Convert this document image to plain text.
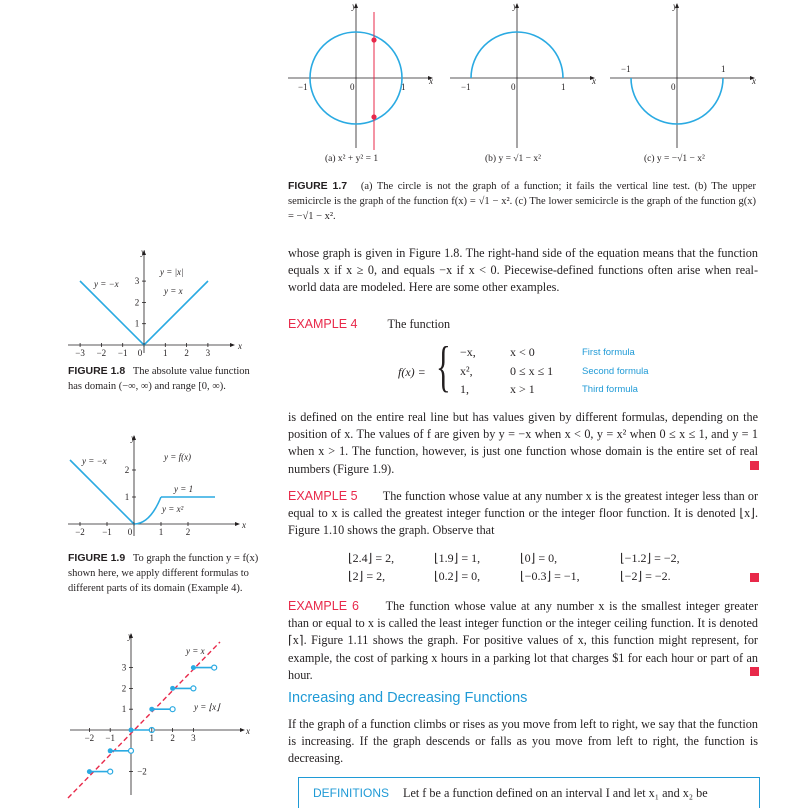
x
y
−1	0	1
x
y
−1	0	1
x
y
−1
0
1
(a) x² + y² = 1	(b) y = √1 − x²	(c) y = −√1 − x²
FIGURE 1.7 (a) The circle is not the graph of a function; it fails the vertical line test. (b) The upper semicircle is the graph of the function f(x) = √1 − x². (c) The lower semicircle is the graph of the function g(x) = −√1 − x².
−3 −2 −1 0 1 2 3
1
2
3
x
y
y = −x
y = |x|
y = x
FIGURE 1.8 The absolute value function has domain (−∞, ∞) and range [0, ∞).
−2 −1 0	1	2
1
2
x
y
y = −x	y = f(x)
y = 1
y = x²
FIGURE 1.9 To graph the function y = f(x) shown here, we apply different formulas to different parts of its domain (Example 4).
−2 −1	1 2 3
1
2
3
−2
x
y
y = x
y = ⌊x⌋
whose graph is given in Figure 1.8. The right-hand side of the equation means that the function equals x if x ≥ 0, and equals −x if x < 0. Piecewise-defined functions often arise when real-world data are modeled. Here are some other examples.
EXAMPLE 4 The function
f(x) = { −x,	x < 0	First formula
x²,	0 ≤ x ≤ 1	Second formula
1,	x > 1	Third formula
is defined on the entire real line but has values given by different formulas, depending on the position of x. The values of f are given by y = −x when x < 0, y = x² when 0 ≤ x ≤ 1, and y = 1 when x > 1. The function, however, is just one function whose domain is the entire set of real numbers (Figure 1.9).
EXAMPLE 5 The function whose value at any number x is the greatest integer less than or equal to x is called the greatest integer function or the integer floor function. It is denoted ⌊x⌋. Figure 1.10 shows the graph. Observe that
⌊2.4⌋ = 2,	⌊1.9⌋ = 1,	⌊0⌋ = 0,	⌊−1.2⌋ = −2,
⌊2⌋ = 2,	⌊0.2⌋ = 0,	⌊−0.3⌋ = −1,	⌊−2⌋ = −2.
EXAMPLE 6 The function whose value at any number x is the smallest integer greater than or equal to x is called the least integer function or the integer ceiling function. It is denoted ⌈x⌉. Figure 1.11 shows the graph. For positive values of x, this function might represent, for example, the cost of parking x hours in a parking lot that charges $1 for each hour or part of an hour.
Increasing and Decreasing Functions
If the graph of a function climbs or rises as you move from left to right, we say that the function is increasing. If the graph descends or falls as you move from left to right, the function is decreasing.
DEFINITIONS Let f be a function defined on an interval I and let x₁ and x₂ be
